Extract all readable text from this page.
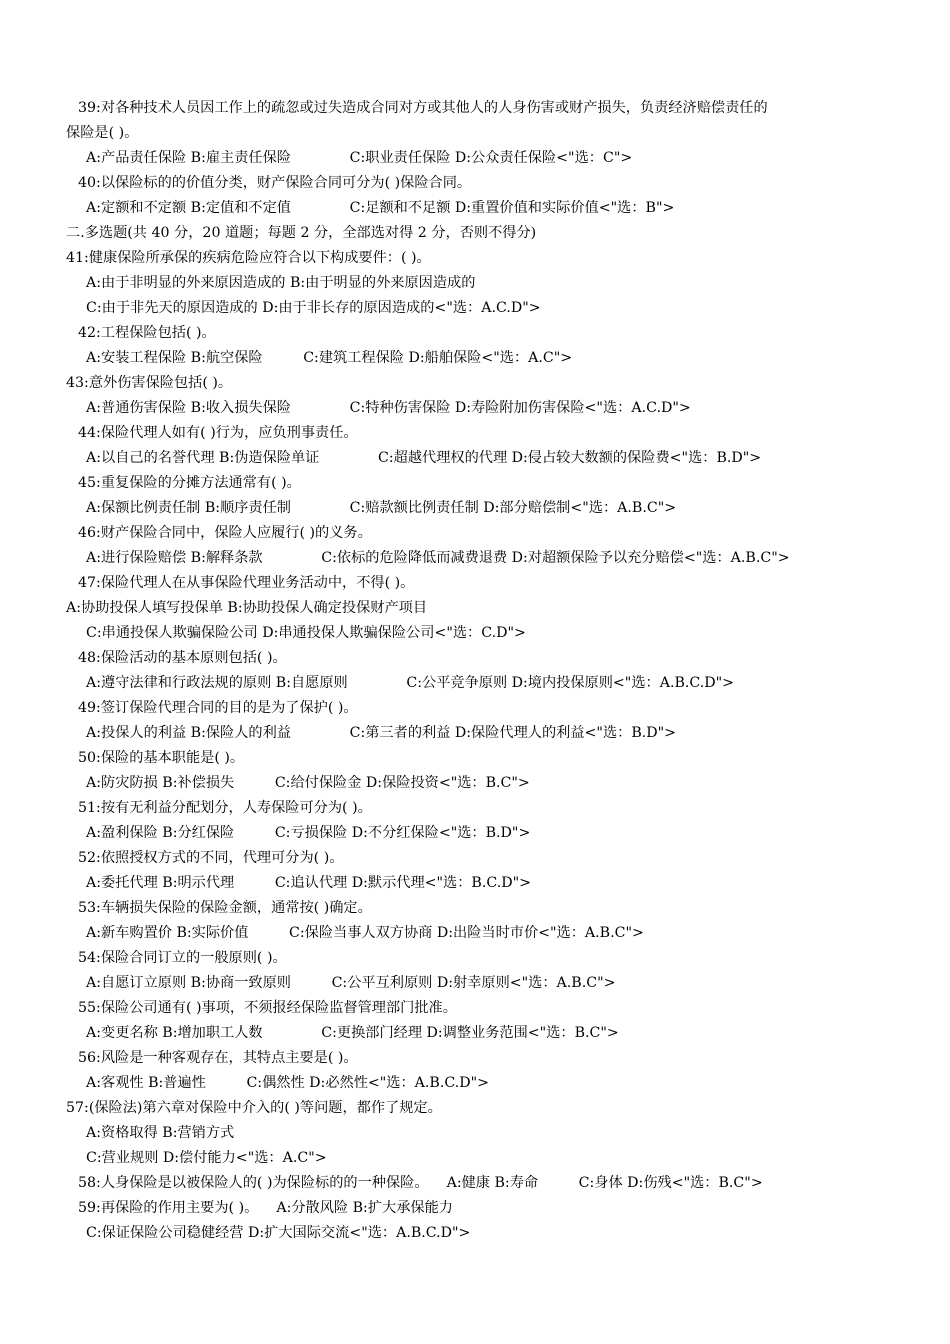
39:对各种技术人员因工作上的疏忽或过失造成合同对方或其他人的人身伤害或财产损失，负责经济赔偿责任的
保险是( )。
A:产品责任保险 B:雇主责任保险             C:职业责任保险 D:公众责任保险<"选：C">
40:以保险标的的价值分类，财产保险合同可分为( )保险合同。
A:定额和不定额 B:定值和不定值             C:足额和不足额 D:重置价值和实际价值<"选：B">
二.多选题(共 40 分，20 道题；每题 2 分，全部选对得 2 分，否则不得分)
41:健康保险所承保的疾病危险应符合以下构成要件：( )。
A:由于非明显的外来原因造成的 B:由于明显的外来原因造成的
C:由于非先天的原因造成的 D:由于非长存的原因造成的<"选：A.C.D">
42:工程保险包括( )。
A:安装工程保险 B:航空保险         C:建筑工程保险 D:船舶保险<"选：A.C">
43:意外伤害保险包括( )。
A:普通伤害保险 B:收入损失保险             C:特种伤害保险 D:寿险附加伤害保险<"选：A.C.D">
44:保险代理人如有( )行为，应负刑事责任。
A:以自己的名誉代理 B:伪造保险单证             C:超越代理权的代理 D:侵占较大数额的保险费<"选：B.D">
45:重复保险的分摊方法通常有( )。
A:保额比例责任制 B:顺序责任制             C:赔款额比例责任制 D:部分赔偿制<"选：A.B.C">
46:财产保险合同中，保险人应履行( )的义务。
A:进行保险赔偿 B:解释条款             C:依标的危险降低而减费退费 D:对超额保险予以充分赔偿<"选：A.B.C">
47:保险代理人在从事保险代理业务活动中，不得( )。
A:协助投保人填写投保单 B:协助投保人确定投保财产项目
C:串通投保人欺骗保险公司 D:串通投保人欺骗保险公司<"选：C.D">
48:保险活动的基本原则包括( )。
A:遵守法律和行政法规的原则 B:自愿原则             C:公平竞争原则 D:境内投保原则<"选：A.B.C.D">
49:签订保险代理合同的目的是为了保护( )。
A:投保人的利益 B:保险人的利益             C:第三者的利益 D:保险代理人的利益<"选：B.D">
50:保险的基本职能是( )。
A:防灾防损 B:补偿损失         C:给付保险金 D:保险投资<"选：B.C">
51:按有无利益分配划分，人寿保险可分为( )。
A:盈利保险 B:分红保险         C:亏损保险 D:不分红保险<"选：B.D">
52:依照授权方式的不同，代理可分为( )。
A:委托代理 B:明示代理         C:追认代理 D:默示代理<"选：B.C.D">
53:车辆损失保险的保险金额，通常按( )确定。
A:新车购置价 B:实际价值         C:保险当事人双方协商 D:出险当时市价<"选：A.B.C">
54:保险合同订立的一般原则( )。
A:自愿订立原则 B:协商一致原则         C:公平互利原则 D:射幸原则<"选：A.B.C">
55:保险公司通有( )事项，不须报经保险监督管理部门批准。
A:变更名称 B:增加职工人数             C:更换部门经理 D:调整业务范围<"选：B.C">
56:风险是一种客观存在，其特点主要是( )。
A:客观性 B:普遍性         C:偶然性 D:必然性<"选：A.B.C.D">
57:(保险法)第六章对保险中介入的( )等问题，都作了规定。
A:资格取得 B:营销方式
C:营业规则 D:偿付能力<"选：A.C">
58:人身保险是以被保险人的( )为保险标的的一种保险。    A:健康 B:寿命         C:身体 D:伤残<"选：B.C">
59:再保险的作用主要为( )。    A:分散风险 B:扩大承保能力
C:保证保险公司稳健经营 D:扩大国际交流<"选：A.B.C.D">
